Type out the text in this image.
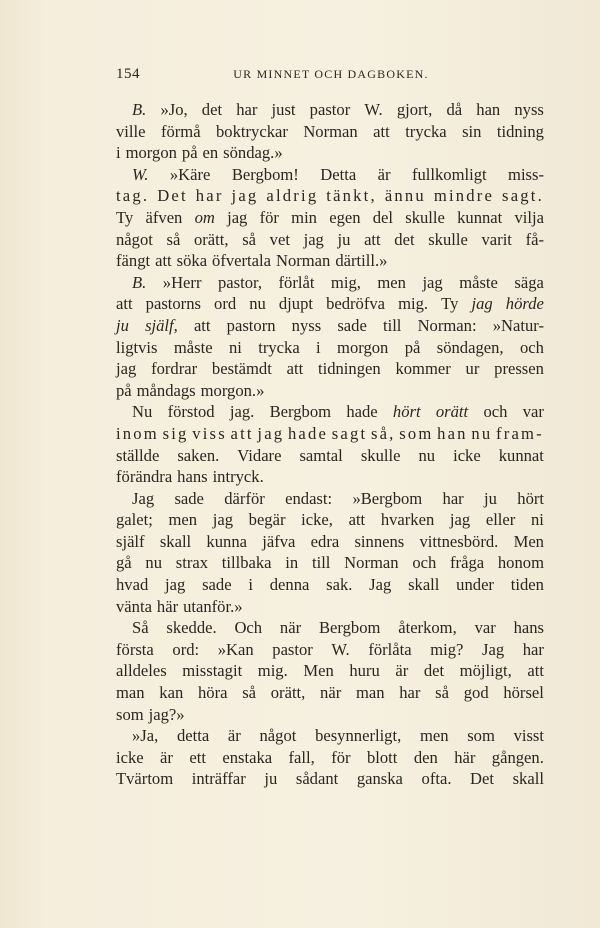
154	UR MINNET OCH DAGBOKEN.
B. »Jo, det har just pastor W. gjort, då han nyss
ville förmå boktryckar Norman att trycka sin tidning
i morgon på en söndag.»
W. »Käre Bergbom! Detta är fullkomligt miss-
tag. Det har jag aldrig tänkt, ännu mindre sagt.
Ty äfven om jag för min egen del skulle kunnat vilja
något så orätt, så vet jag ju att det skulle varit få-
fängt att söka öfvertala Norman därtill.»
B. »Herr pastor, förlåt mig, men jag måste säga
att pastorns ord nu djupt bedröfva mig. Ty jag hörde
ju själf, att pastorn nyss sade till Norman: »Natur-
ligtvis måste ni trycka i morgon på söndagen, och
jag fordrar bestämdt att tidningen kommer ur pressen
på måndags morgon.»
Nu förstod jag. Bergbom hade hört orätt och var
inom sig viss att jag hade sagt så, som han nu fram-
ställde saken. Vidare samtal skulle nu icke kunnat
förändra hans intryck.
Jag sade därför endast: »Bergbom har ju hört
galet; men jag begär icke, att hvarken jag eller ni
själf skall kunna jäfva edra sinnens vittnesbörd. Men
gå nu strax tillbaka in till Norman och fråga honom
hvad jag sade i denna sak. Jag skall under tiden
vänta här utanför.»
Så skedde. Och när Bergbom återkom, var hans
första ord: »Kan pastor W. förlåta mig? Jag har
alldeles misstagit mig. Men huru är det möjligt, att
man kan höra så orätt, när man har så god hörsel
som jag?»
»Ja, detta är något besynnerligt, men som visst
icke är ett enstaka fall, för blott den här gången.
Tvärtom inträffar ju sådant ganska ofta. Det skall
